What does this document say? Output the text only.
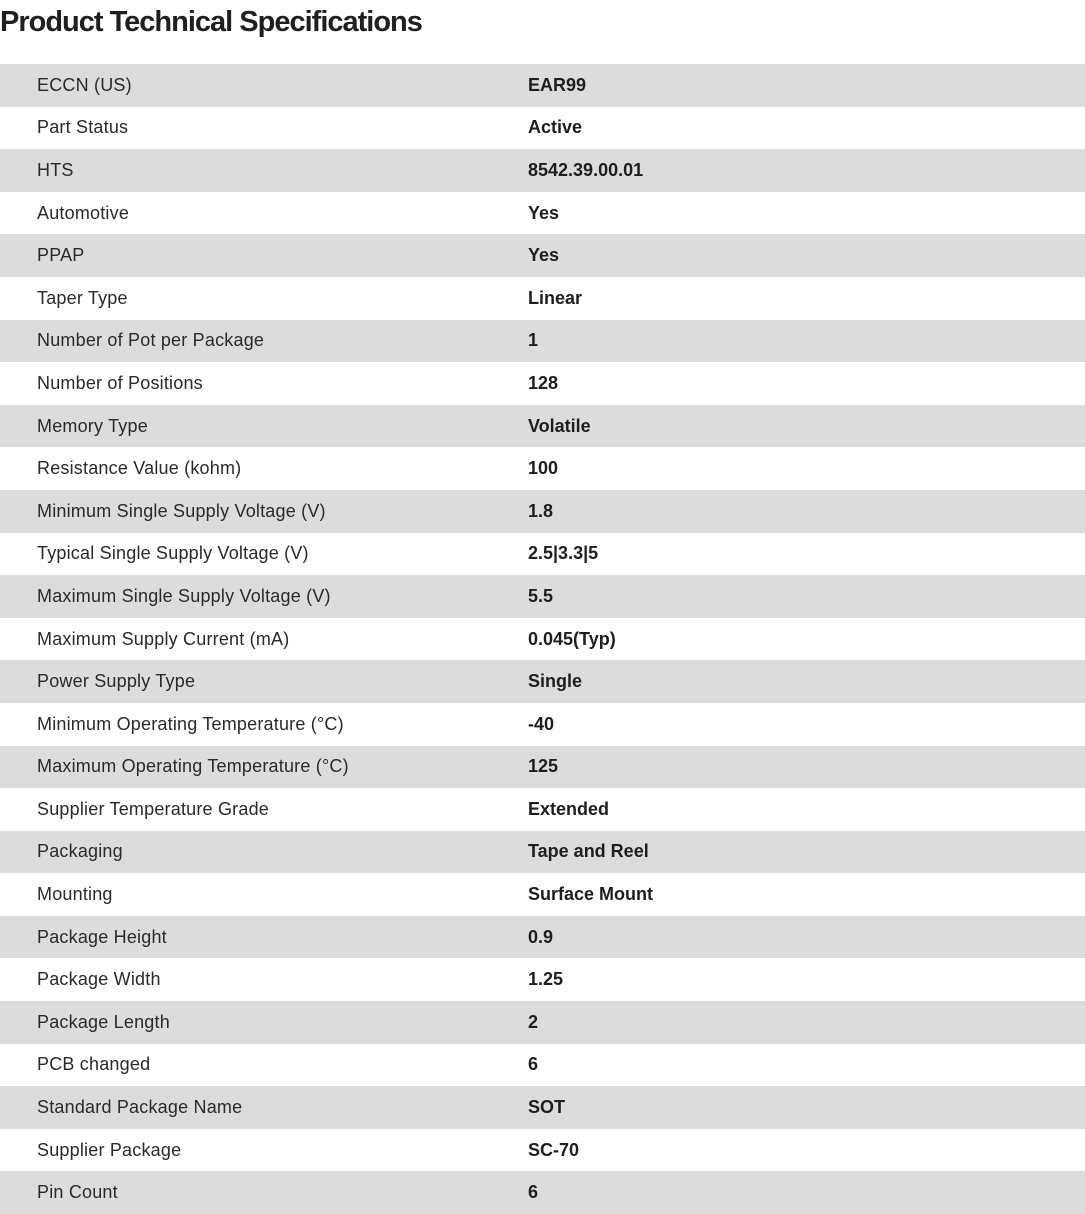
Product Technical Specifications
ECCN (US)	EAR99
Part Status	Active
HTS	8542.39.00.01
Automotive	Yes
PPAP	Yes
Taper Type	Linear
Number of Pot per Package	1
Number of Positions	128
Memory Type	Volatile
Resistance Value (kohm)	100
Minimum Single Supply Voltage (V)	1.8
Typical Single Supply Voltage (V)	2.5|3.3|5
Maximum Single Supply Voltage (V)	5.5
Maximum Supply Current (mA)	0.045(Typ)
Power Supply Type	Single
Minimum Operating Temperature (°C)	-40
Maximum Operating Temperature (°C)	125
Supplier Temperature Grade	Extended
Packaging	Tape and Reel
Mounting	Surface Mount
Package Height	0.9
Package Width	1.25
Package Length	2
PCB changed	6
Standard Package Name	SOT
Supplier Package	SC-70
Pin Count	6
